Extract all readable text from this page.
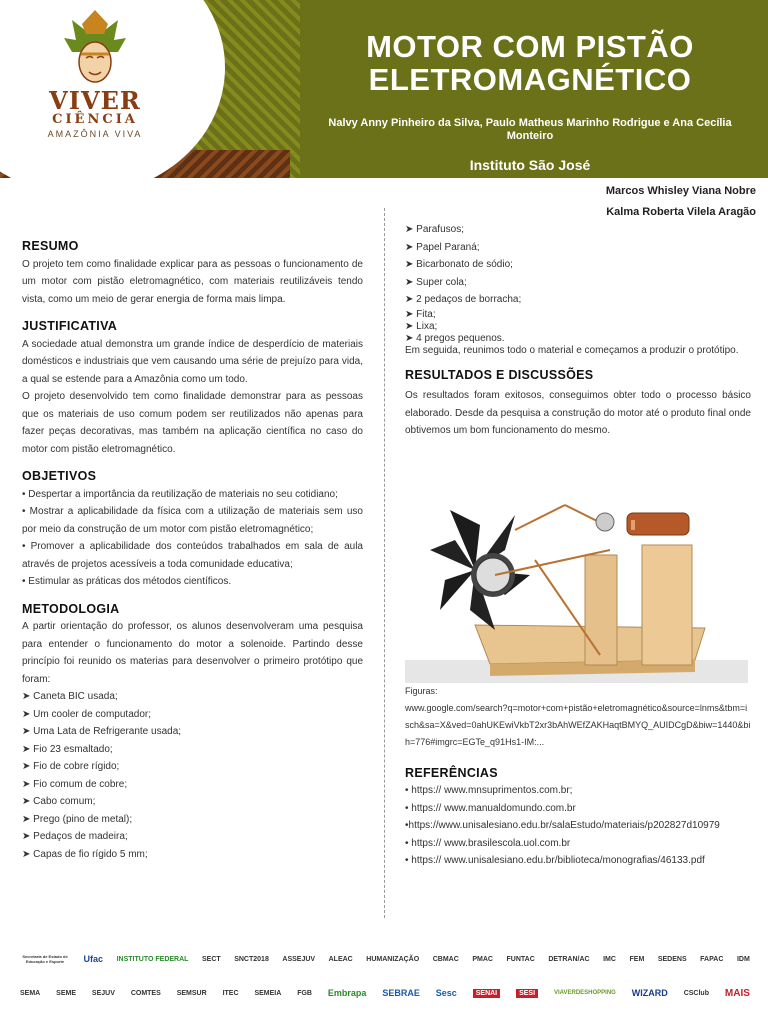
VIVER
CIÊNCIA
AMAZÔNIA VIVA
MOTOR COM PISTÃO
ELETROMAGNÉTICO
Nalvy Anny Pinheiro da Silva, Paulo Matheus Marinho Rodrigue e Ana Cecília Monteiro
Instituto São José
Marcos Whisley Viana Nobre
Kalma Roberta Vilela Aragão
RESUMO

O projeto tem como finalidade explicar para as pessoas o funcionamento de um motor com pistão eletromagnético, com materiais reutilizáveis tendo vista, como um meio de gerar energia de forma mais limpa.

JUSTIFICATIVA

A sociedade atual demonstra um grande índice de desperdício de materiais domésticos e industriais que vem causando uma série de prejuízo para vida, a qual se estende para a Amazônia como um todo.

O projeto desenvolvido tem como finalidade demonstrar para as pessoas que os materiais de uso comum podem ser reutilizados não apenas para fazer peças decorativas, mas também na aplicação científica no caso do motor com pistão eletromagnético.

OBJETIVOS

• Despertar a importância da reutilização de materiais no seu cotidiano;

• Mostrar a aplicabilidade da física com a utilização de materiais sem uso por meio da construção de um motor com pistão eletromagnético;

• Promover a aplicabilidade dos conteúdos trabalhados em sala de aula através de projetos acessíveis a toda comunidade educativa;

• Estimular as práticas dos métodos científicos.

METODOLOGIA

A partir orientação do professor, os alunos desenvolveram uma pesquisa para entender o funcionamento do motor a solenoide. Partindo desse princípio foi reunido os materias para desenvolver o primeiro protótipo que foram:

➤ Caneta BIC usada;
➤ Um cooler de computador;
➤ Uma Lata de Refrigerante usada;
➤ Fio 23 esmaltado;
➤ Fio de cobre rígido;
➤ Fio comum de cobre;
➤ Cabo comum;
➤ Prego (pino de metal);
➤ Pedaços de madeira;
➤ Capas de fio rígido 5 mm;
➤ Parafusos;
➤ Papel Paraná;
➤ Bicarbonato de sódio;
➤ Super cola;
➤ 2 pedaços de borracha;
➤ Fita;
➤ Lixa;
➤ 4 pregos pequenos.

Em seguida, reunimos todo o material e começamos a produzir o protótipo.

RESULTADOS E DISCUSSÕES

Os resultados foram exitosos, conseguimos obter todo o processo básico elaborado. Desde da pesquisa a construção do motor até o produto final onde obtivemos um bom funcionamento do mesmo.

Figuras:
www.google.com/search?q=motor+com+pistão+eletromagnético&source=lnms&tbm=isch&sa=X&ved=0ahUKEwiVkbT2xr3bAhWEfZAKHaqtBMYQ_AUIDCgD&biw=1440&bih=776#imgrc=EGTe_q91Hs1-IM:...
REFERÊNCIAS
• https:// www.mnsuprimentos.com.br;
• https:// www.manualdomundo.com.br
•https://www.unisalesiano.edu.br/salaEstudo/materiais/p202827d10979
• https:// www.brasilescola.uol.com.br
• https:// www.unisalesiano.edu.br/biblioteca/monografias/46133.pdf
Secretaria de Estado de Educação e Esporte	Ufac INSTITUTO FEDERAL SECT SNCT2018 ASSEJUV ALEAC HUMANIZAÇÃO CBMAC PMAC FUNTAC DETRAN/AC IMC FEM SEDENS FAPAC IDM
SEMA SEME SEJUV COMTES SEMSUR ITEC SEMEIA FGB Embrapa SEBRAE Sesc	SENAI	SESI	VIAVERDESHOPPING WIZARD CSClub MAIS
